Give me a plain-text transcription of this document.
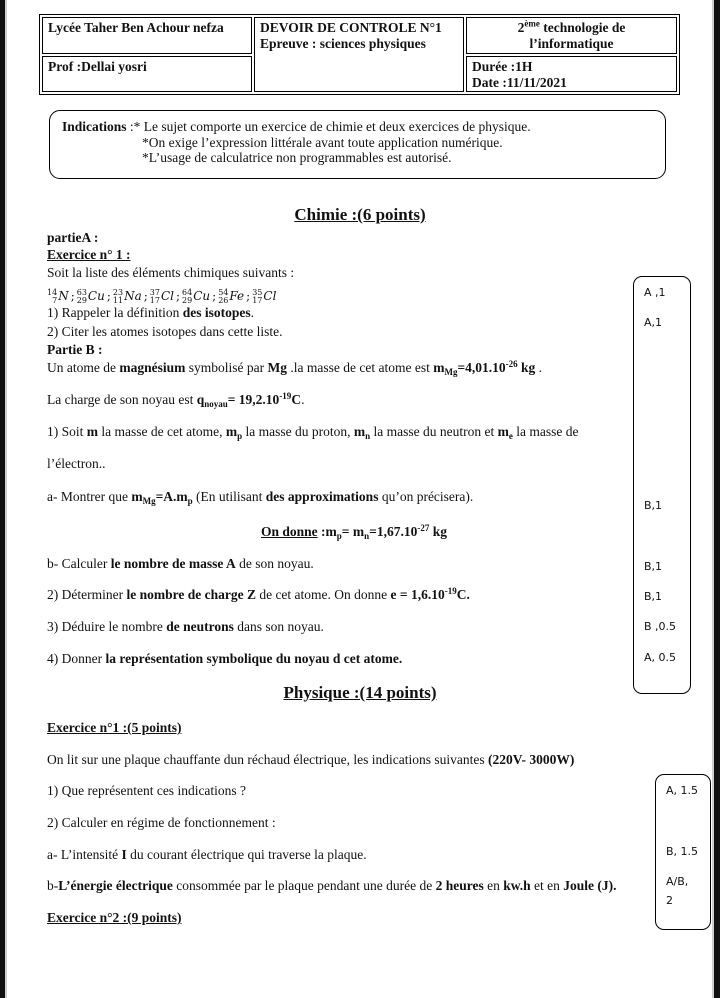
Lycée Taher Ben Achour nefza
Prof :Dellai yosri
DEVOIR DE CONTROLE N°1
Epreuve : sciences physiques
2ème technologie de
l’informatique
Durée :1H
Date :11/11/2021
Indications :* Le sujet comporte un exercice de chimie et deux exercices de physique.
*On exige l’expression littérale avant toute application numérique.
*L’usage de calculatrice non programmables est autorisé.
Chimie :(6 points)
partieA :
Exercice n° 1 :
Soit la liste des éléments chimiques suivants :
14
7 N ; 63
29 Cu ; 23
11 Na ; 37
17 Cl ; 64
29 Cu ; 54
26 Fe ; 35
17 Cl
1) Rappeler la définition des isotopes.
2) Citer les atomes isotopes dans cette liste.
Partie B :
Un atome de magnésium symbolisé par Mg .la masse de cet atome est $m_{Mg}=4,01.10^{-26}$ kg .
La charge de son noyau est $q_{noyau}= 19,2.10^{-19}C$.
1) Soit m la masse de cet atome, $m_p$ la masse du proton, $m_n$ la masse du neutron et $m_e$ la masse de
l’électron..
a- Montrer que $m_{Mg}=A.m_p$ (En utilisant des approximations qu’on précisera).
On donne $:m_p= m_n=1,67.10^{-27}$ kg
b- Calculer le nombre de masse A de son noyau.
2) Déterminer le nombre de charge Z de cet atome. On donne $e = 1,6.10^{-19}C$.
3) Déduire le nombre de neutrons dans son noyau.
4) Donner la représentation symbolique du noyau d cet atome.
A ,1
A,1
B,1
B,1
B,1
B ,0.5
A, 0.5
Physique :(14 points)
Exercice n°1 :(5 points)
On lit sur une plaque chauffante dun réchaud électrique, les indications suivantes (220V- 3000W)
1) Que représentent ces indications ?
2) Calculer en régime de fonctionnement :
a- L’intensité I du courant électrique qui traverse la plaque.
b-L’énergie électrique consommée par le plaque pendant une durée de 2 heures en kw.h et en Joule (J).
Exercice n°2 :(9 points)
A, 1.5
B, 1.5
A/B,
2
